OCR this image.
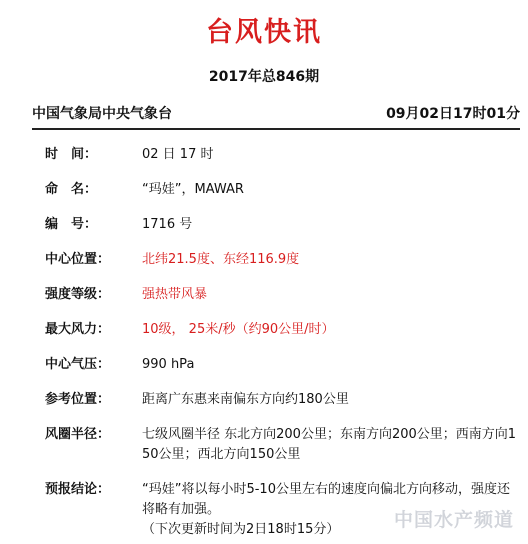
台风快讯
2017年总846期
中国气象局中央气象台	09月02日17时01分
时　间：	02 日 17 时
命　名：	“玛娃”，MAWAR
编　号：	1716 号
中心位置：	北纬21.5度、东经116.9度
强度等级：	强热带风暴
最大风力：	10级， 25米/秒（约90公里/时）
中心气压：	990 hPa
参考位置：	距离广东惠来南偏东方向约180公里
风圈半径：	七级风圈半径 东北方向200公里；东南方向200公里；西南方向150公里；西北方向150公里
预报结论：	“玛娃”将以每小时5-10公里左右的速度向偏北方向移动，强度还将略有加强。
（下次更新时间为2日18时15分）	中国水产频道
